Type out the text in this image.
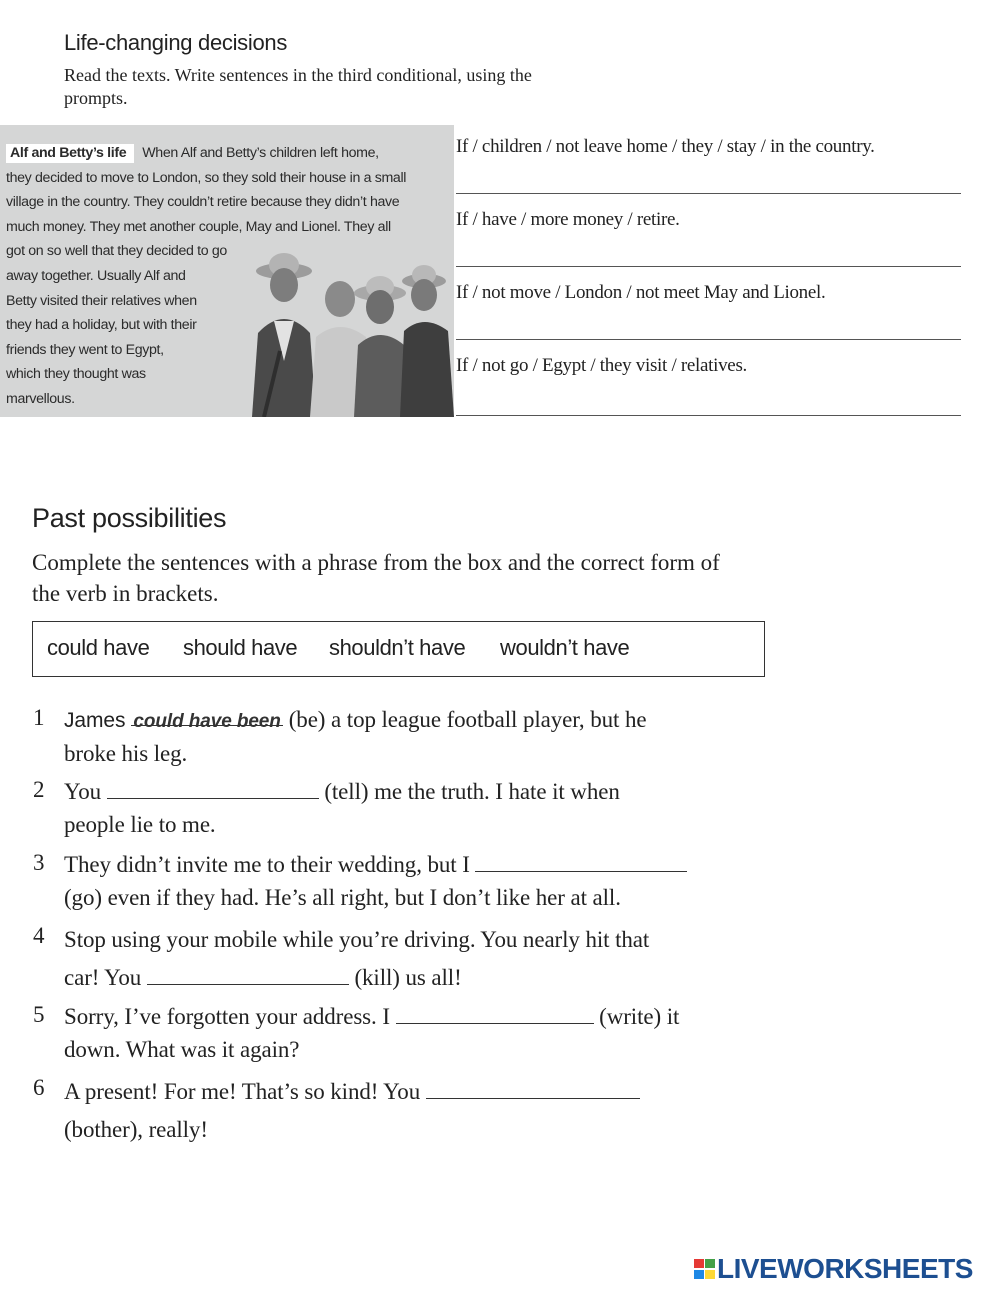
Life-changing decisions
Read the texts. Write sentences in the third conditional, using the prompts.
Alf and Betty’s life When Alf and Betty’s children left home,
they decided to move to London, so they sold their house in a small
village in the country. They couldn’t retire because they didn’t have
much money. They met another couple, May and Lionel. They all
got on so well that they decided to go
away together. Usually Alf and
Betty visited their relatives when
they had a holiday, but with their
friends they went to Egypt,
which they thought was
marvellous.
If / children / not leave home / they / stay / in the country.
If / have / more money / retire.
If / not move / London / not meet May and Lionel.
If / not go / Egypt / they visit / relatives.
Past possibilities
Complete the sentences with a phrase from the box and the correct form of the verb in brackets.
could have should have shouldn’t have wouldn’t have
1 James could have been (be) a top league football player, but he
broke his leg.
2 You	(tell) me the truth. I hate it when
people lie to me.
3 They didn’t invite me to their wedding, but I
(go) even if they had. He’s all right, but I don’t like her at all.
4 Stop using your mobile while you’re driving. You nearly hit that
car! You	(kill) us all!
5 Sorry, I’ve forgotten your address. I	(write) it
down. What was it again?
6 A present! For me! That’s so kind! You
(bother), really!
LIVEWORKSHEETS
